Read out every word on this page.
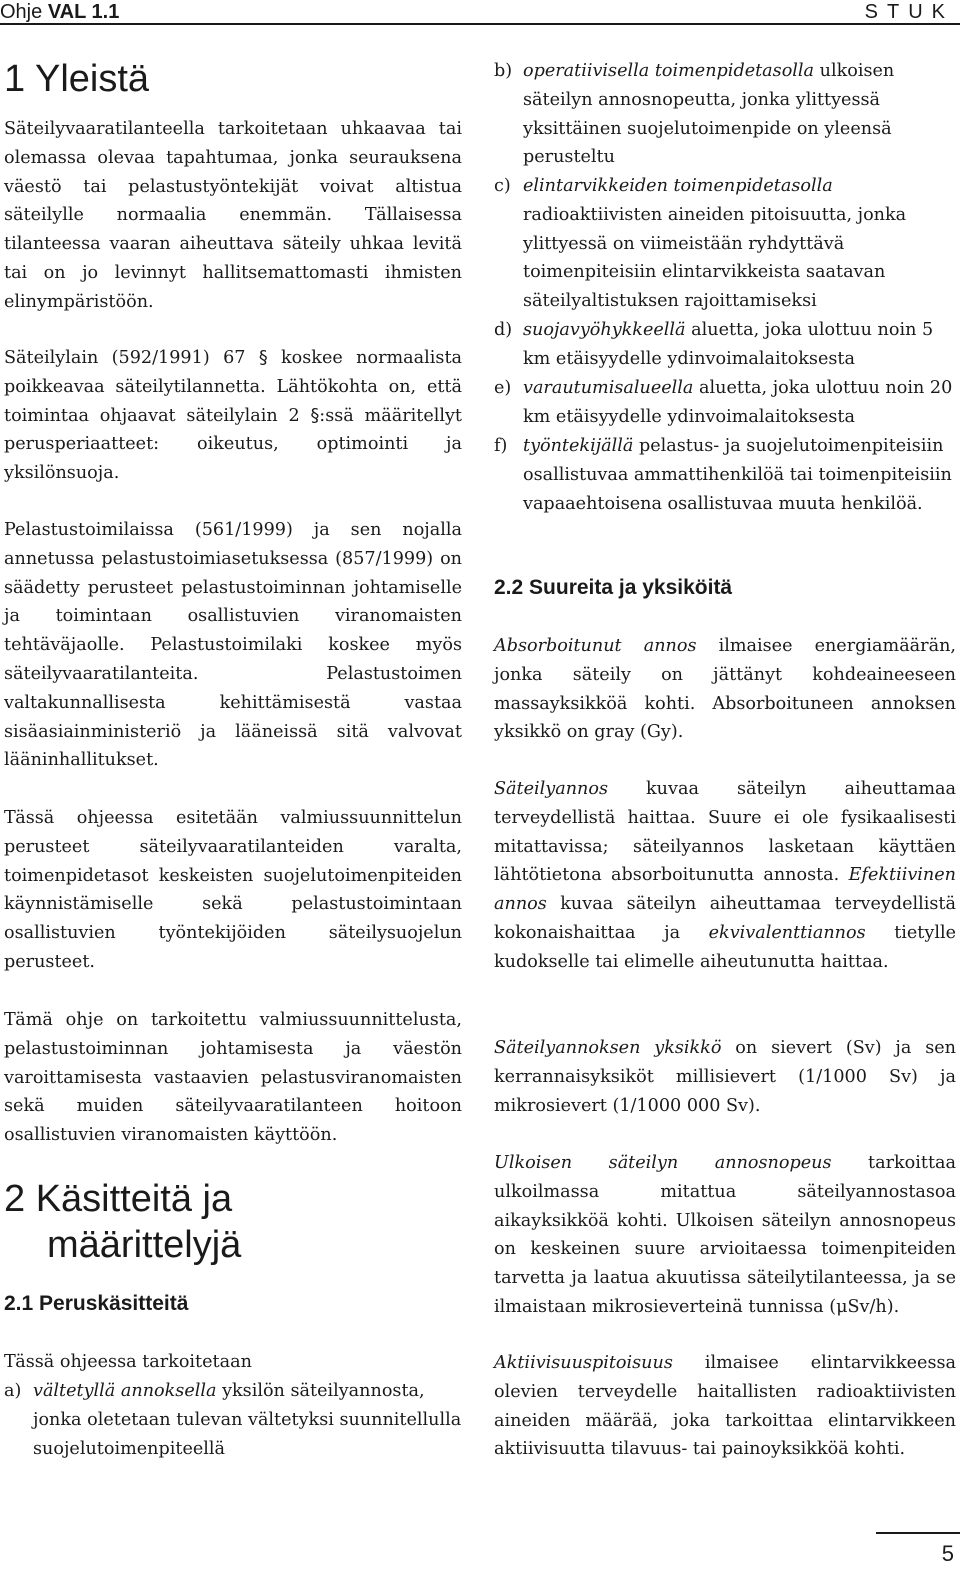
Ohje VAL 1.1	STUK
1 Yleistä

Säteilyvaaratilanteella tarkoitetaan uhkaavaa tai olemassa olevaa tapahtumaa, jonka seurauksena väestö tai pelastustyöntekijät voivat altistua säteilylle normaalia enemmän. Tällaisessa tilanteessa vaaran aiheuttava säteily uhkaa levitä tai on jo levinnyt hallitsemattomasti ihmisten elinympäristöön.

Säteilylain (592/1991) 67 § koskee normaalista poikkeavaa säteilytilannetta. Lähtökohta on, että toimintaa ohjaavat säteilylain 2 §:ssä määritellyt perusperiaatteet: oikeutus, optimointi ja yksilönsuoja.

Pelastustoimilaissa (561/1999) ja sen nojalla annetussa pelastustoimiasetuksessa (857/1999) on säädetty perusteet pelastustoiminnan johtamiselle ja toimintaan osallistuvien viranomaisten tehtäväjaolle. Pelastustoimilaki koskee myös säteilyvaaratilanteita. Pelastustoimen valtakunnallisesta kehittämisestä vastaa sisäasiainministeriö ja lääneissä sitä valvovat lääninhallitukset.

Tässä ohjeessa esitetään valmiussuunnittelun perusteet säteilyvaaratilanteiden varalta, toimenpidetasot keskeisten suojelutoimenpiteiden käynnistämiselle sekä pelastustoimintaan osallistuvien työntekijöiden säteilysuojelun perusteet.

Tämä ohje on tarkoitettu valmiussuunnittelusta, pelastustoiminnan johtamisesta ja väestön varoittamisesta vastaavien pelastusviranomaisten sekä muiden säteilyvaaratilanteen hoitoon osallistuvien viranomaisten käyttöön.

2 Käsitteitä ja
määrittelyjä
2.1 Peruskäsitteitä

Tässä ohjeessa tarkoitetaan

a) vältetyllä annoksella yksilön säteilyannosta, jonka oletetaan tulevan vältetyksi suunnitellulla suojelutoimenpiteellä
b) operatiivisella toimenpidetasolla ulkoisen säteilyn annosnopeutta, jonka ylittyessä yksittäinen suojelutoimenpide on yleensä perusteltu
c) elintarvikkeiden toimenpidetasolla radioaktiivisten aineiden pitoisuutta, jonka ylittyessä on viimeistään ryhdyttävä toimenpiteisiin elintarvikkeista saatavan säteilyaltistuksen rajoittamiseksi
d) suojavyöhykkeellä aluetta, joka ulottuu noin 5 km etäisyydelle ydinvoimalaitoksesta
e) varautumisalueella aluetta, joka ulottuu noin 20 km etäisyydelle ydinvoimalaitoksesta
f) työntekijällä pelastus- ja suojelutoimenpiteisiin osallistuvaa ammattihenkilöä tai toimenpiteisiin vapaaehtoisena osallistuvaa muuta henkilöä.
2.2 Suureita ja yksiköitä

Absorboitunut annos ilmaisee energiamäärän, jonka säteily on jättänyt kohdeaineeseen massayksikköä kohti. Absorboituneen annoksen yksikkö on gray (Gy).

Säteilyannos kuvaa säteilyn aiheuttamaa terveydellistä haittaa. Suure ei ole fysikaalisesti mitattavissa; säteilyannos lasketaan käyttäen lähtötietona absorboitunutta annosta. Efektiivinen annos kuvaa säteilyn aiheuttamaa terveydellistä kokonaishaittaa ja ekvivalenttiannos tietylle kudokselle tai elimelle aiheutunutta haittaa.

Säteilyannoksen yksikkö on sievert (Sv) ja sen kerrannaisyksiköt millisievert (1/1000 Sv) ja mikrosievert (1/1000 000 Sv).

Ulkoisen säteilyn annosnopeus tarkoittaa ulkoilmassa mitattua säteilyannostasoa aikayksikköä kohti. Ulkoisen säteilyn annosnopeus on keskeinen suure arvioitaessa toimenpiteiden tarvetta ja laatua akuutissa säteilytilanteessa, ja se ilmaistaan mikrosieverteinä tunnissa (μSv/h).

Aktiivisuuspitoisuus ilmaisee elintarvikkeessa olevien terveydelle haitallisten radioaktiivisten aineiden määrää, joka tarkoittaa elintarvikkeen aktiivisuutta tilavuus- tai painoyksikköä kohti.

5
